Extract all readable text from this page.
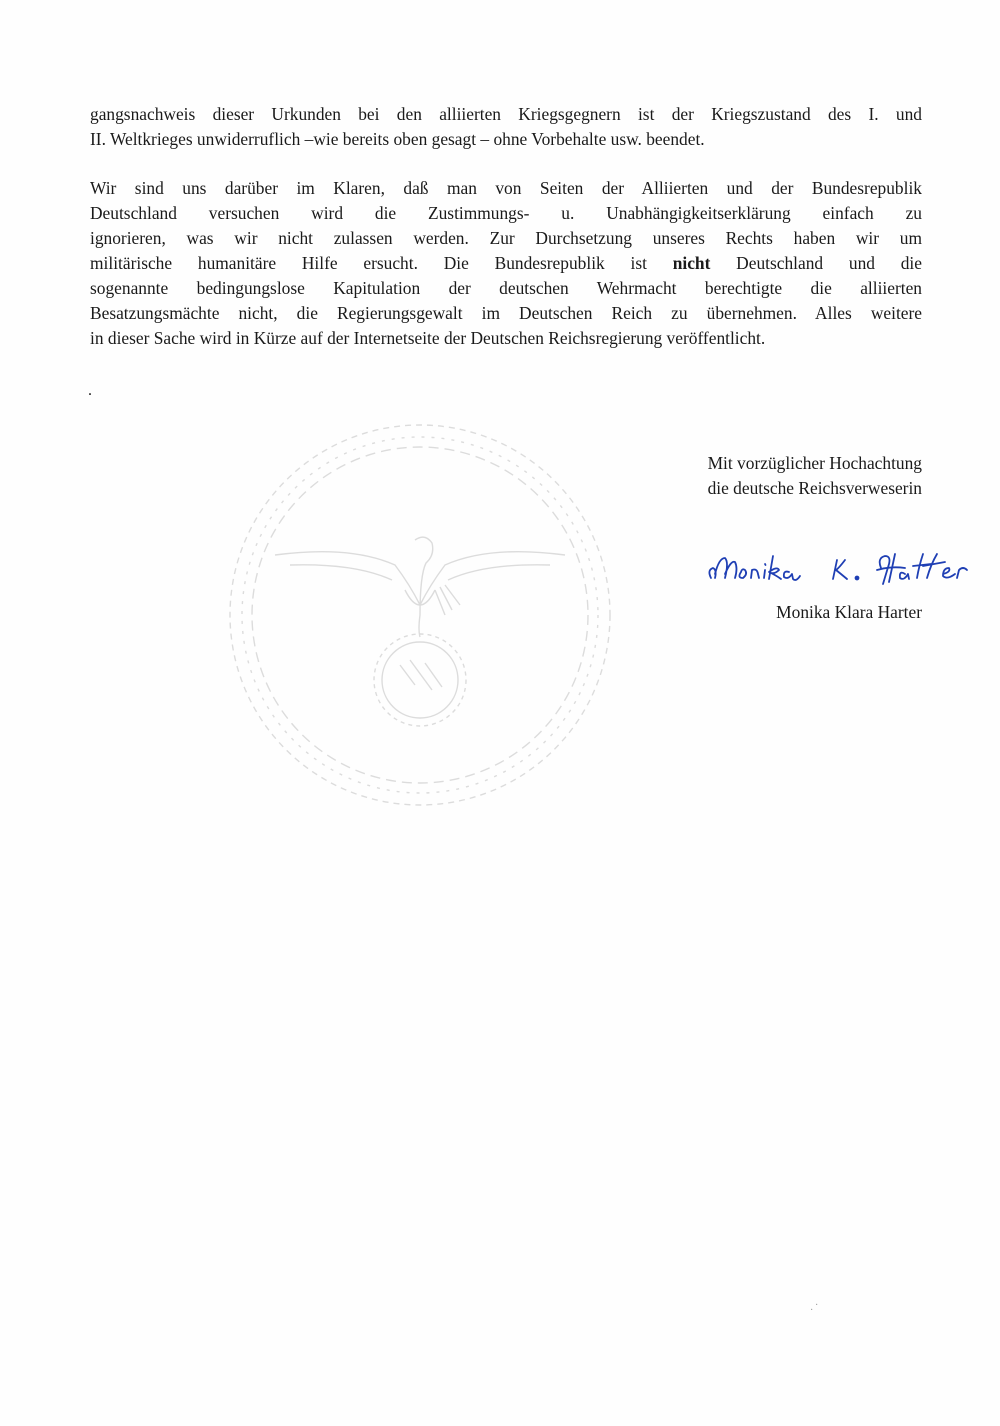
gangsnachweis dieser Urkunden bei den alliierten Kriegsgegnern ist der Kriegszustand des I. und
II. Weltkrieges unwiderruflich –wie bereits oben gesagt – ohne Vorbehalte usw. beendet.

Wir sind uns darüber im Klaren, daß man von Seiten der Alliierten und der Bundesrepublik
Deutschland versuchen wird die Zustimmungs- u. Unabhängigkeitserklärung einfach zu
ignorieren, was wir nicht zulassen werden. Zur Durchsetzung unseres Rechts haben wir um
militärische humanitäre Hilfe ersucht. Die Bundesrepublik ist nicht Deutschland und die
sogenannte bedingungslose Kapitulation der deutschen Wehrmacht berechtigte die alliierten
Besatzungsmächte nicht, die Regierungsgewalt im Deutschen Reich zu übernehmen. Alles weitere
in dieser Sache wird in Kürze auf der Internetseite der Deutschen Reichsregierung veröffentlicht.

.
Mit vorzüglicher Hochachtung
die deutsche Reichsverweserin
Monika Klara Harter
· ·
